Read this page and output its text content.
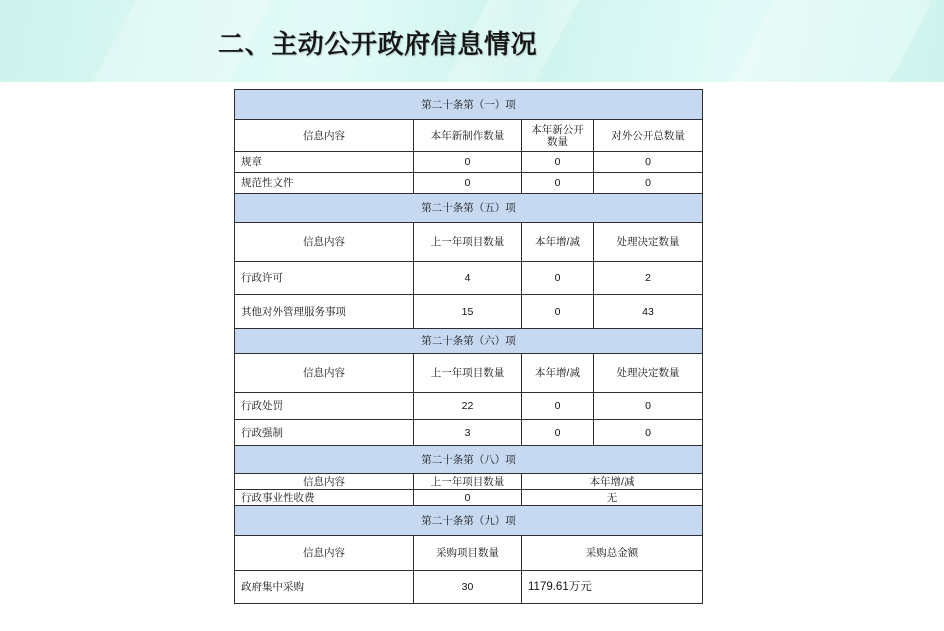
二、主动公开政府信息情况
第二十条第（一）项			
信息内容	本年新制作数量	本年新公开数量	对外公开总数量
规章	0	0	0
规范性文件	0	0	0
第二十条第（五）项			
信息内容	上一年项目数量	本年增/减	处理决定数量
行政许可	4	0	2
其他对外管理服务事项	15	0	43
第二十条第（六）项			
信息内容	上一年项目数量	本年增/减	处理决定数量
行政处罚	22	0	0
行政强制	3	0	0
第二十条第（八）项			
信息内容	上一年项目数量	本年增/减	
行政事业性收费	0	无	
第二十条第（九）项			
信息内容	采购项目数量	采购总金额	
政府集中采购	30	1179.61万元	
